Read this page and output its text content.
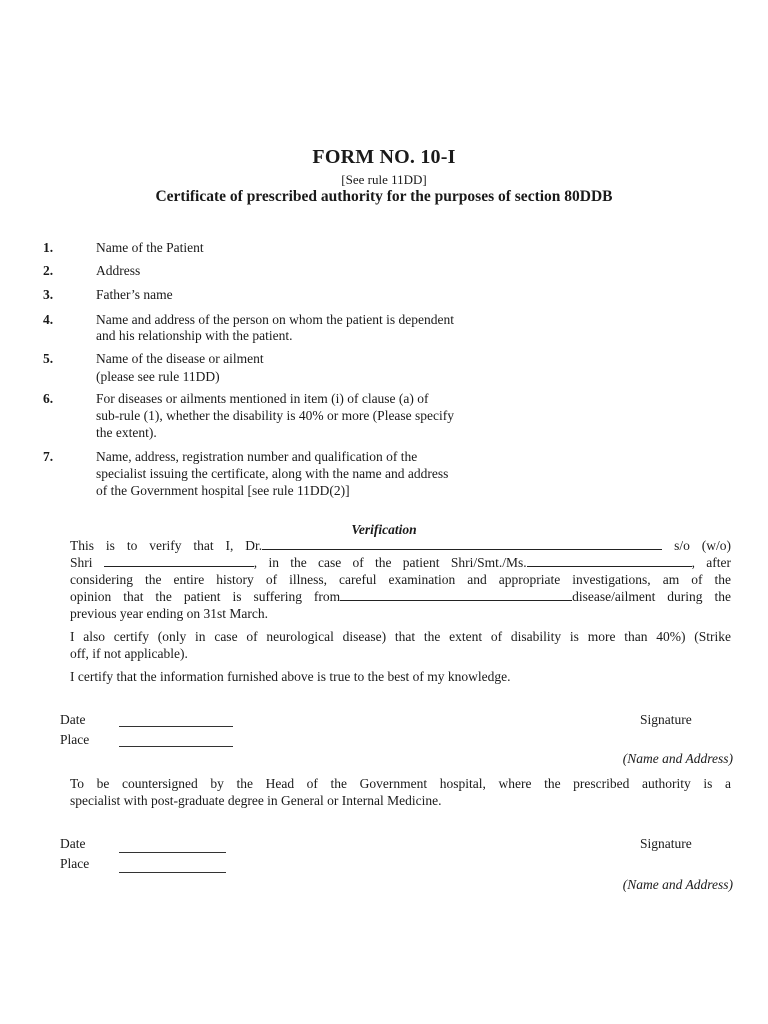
FORM NO. 10-I
[See rule 11DD]
Certificate of prescribed authority for the purposes of section 80DDB
1.	Name of the Patient
2.	Address
3.	Father’s name
4.	Name and address of the person on whom the patient is dependent
and his relationship with the patient.
5.	Name of the disease or ailment
(please see rule 11DD)
6.	For diseases or ailments mentioned in item (i) of clause (a) of
sub-rule (1), whether the disability is 40% or more (Please specify
the extent).
7.	Name, address, registration number and qualification of the
specialist issuing the certificate, along with the name and address
of the Government hospital [see rule 11DD(2)]
Verification
This is to verify that I, Dr.	s/o (w/o)
Shri	, in the case of the patient Shri/Smt./Ms.	, after
considering the entire history of illness, careful examination and appropriate investigations, am of the
opinion that the patient is suffering from	disease/ailment during the
previous year ending on 31st March.
I also certify (only in case of neurological disease) that the extent of disability is more than 40%) (Strike
off, if not applicable).
I certify that the information furnished above is true to the best of my knowledge.
Date
Place
Signature
(Name and Address)
To be countersigned by the Head of the Government hospital, where the prescribed authority is a
specialist with post-graduate degree in General or Internal Medicine.
Date
Place
Signature
(Name and Address)
